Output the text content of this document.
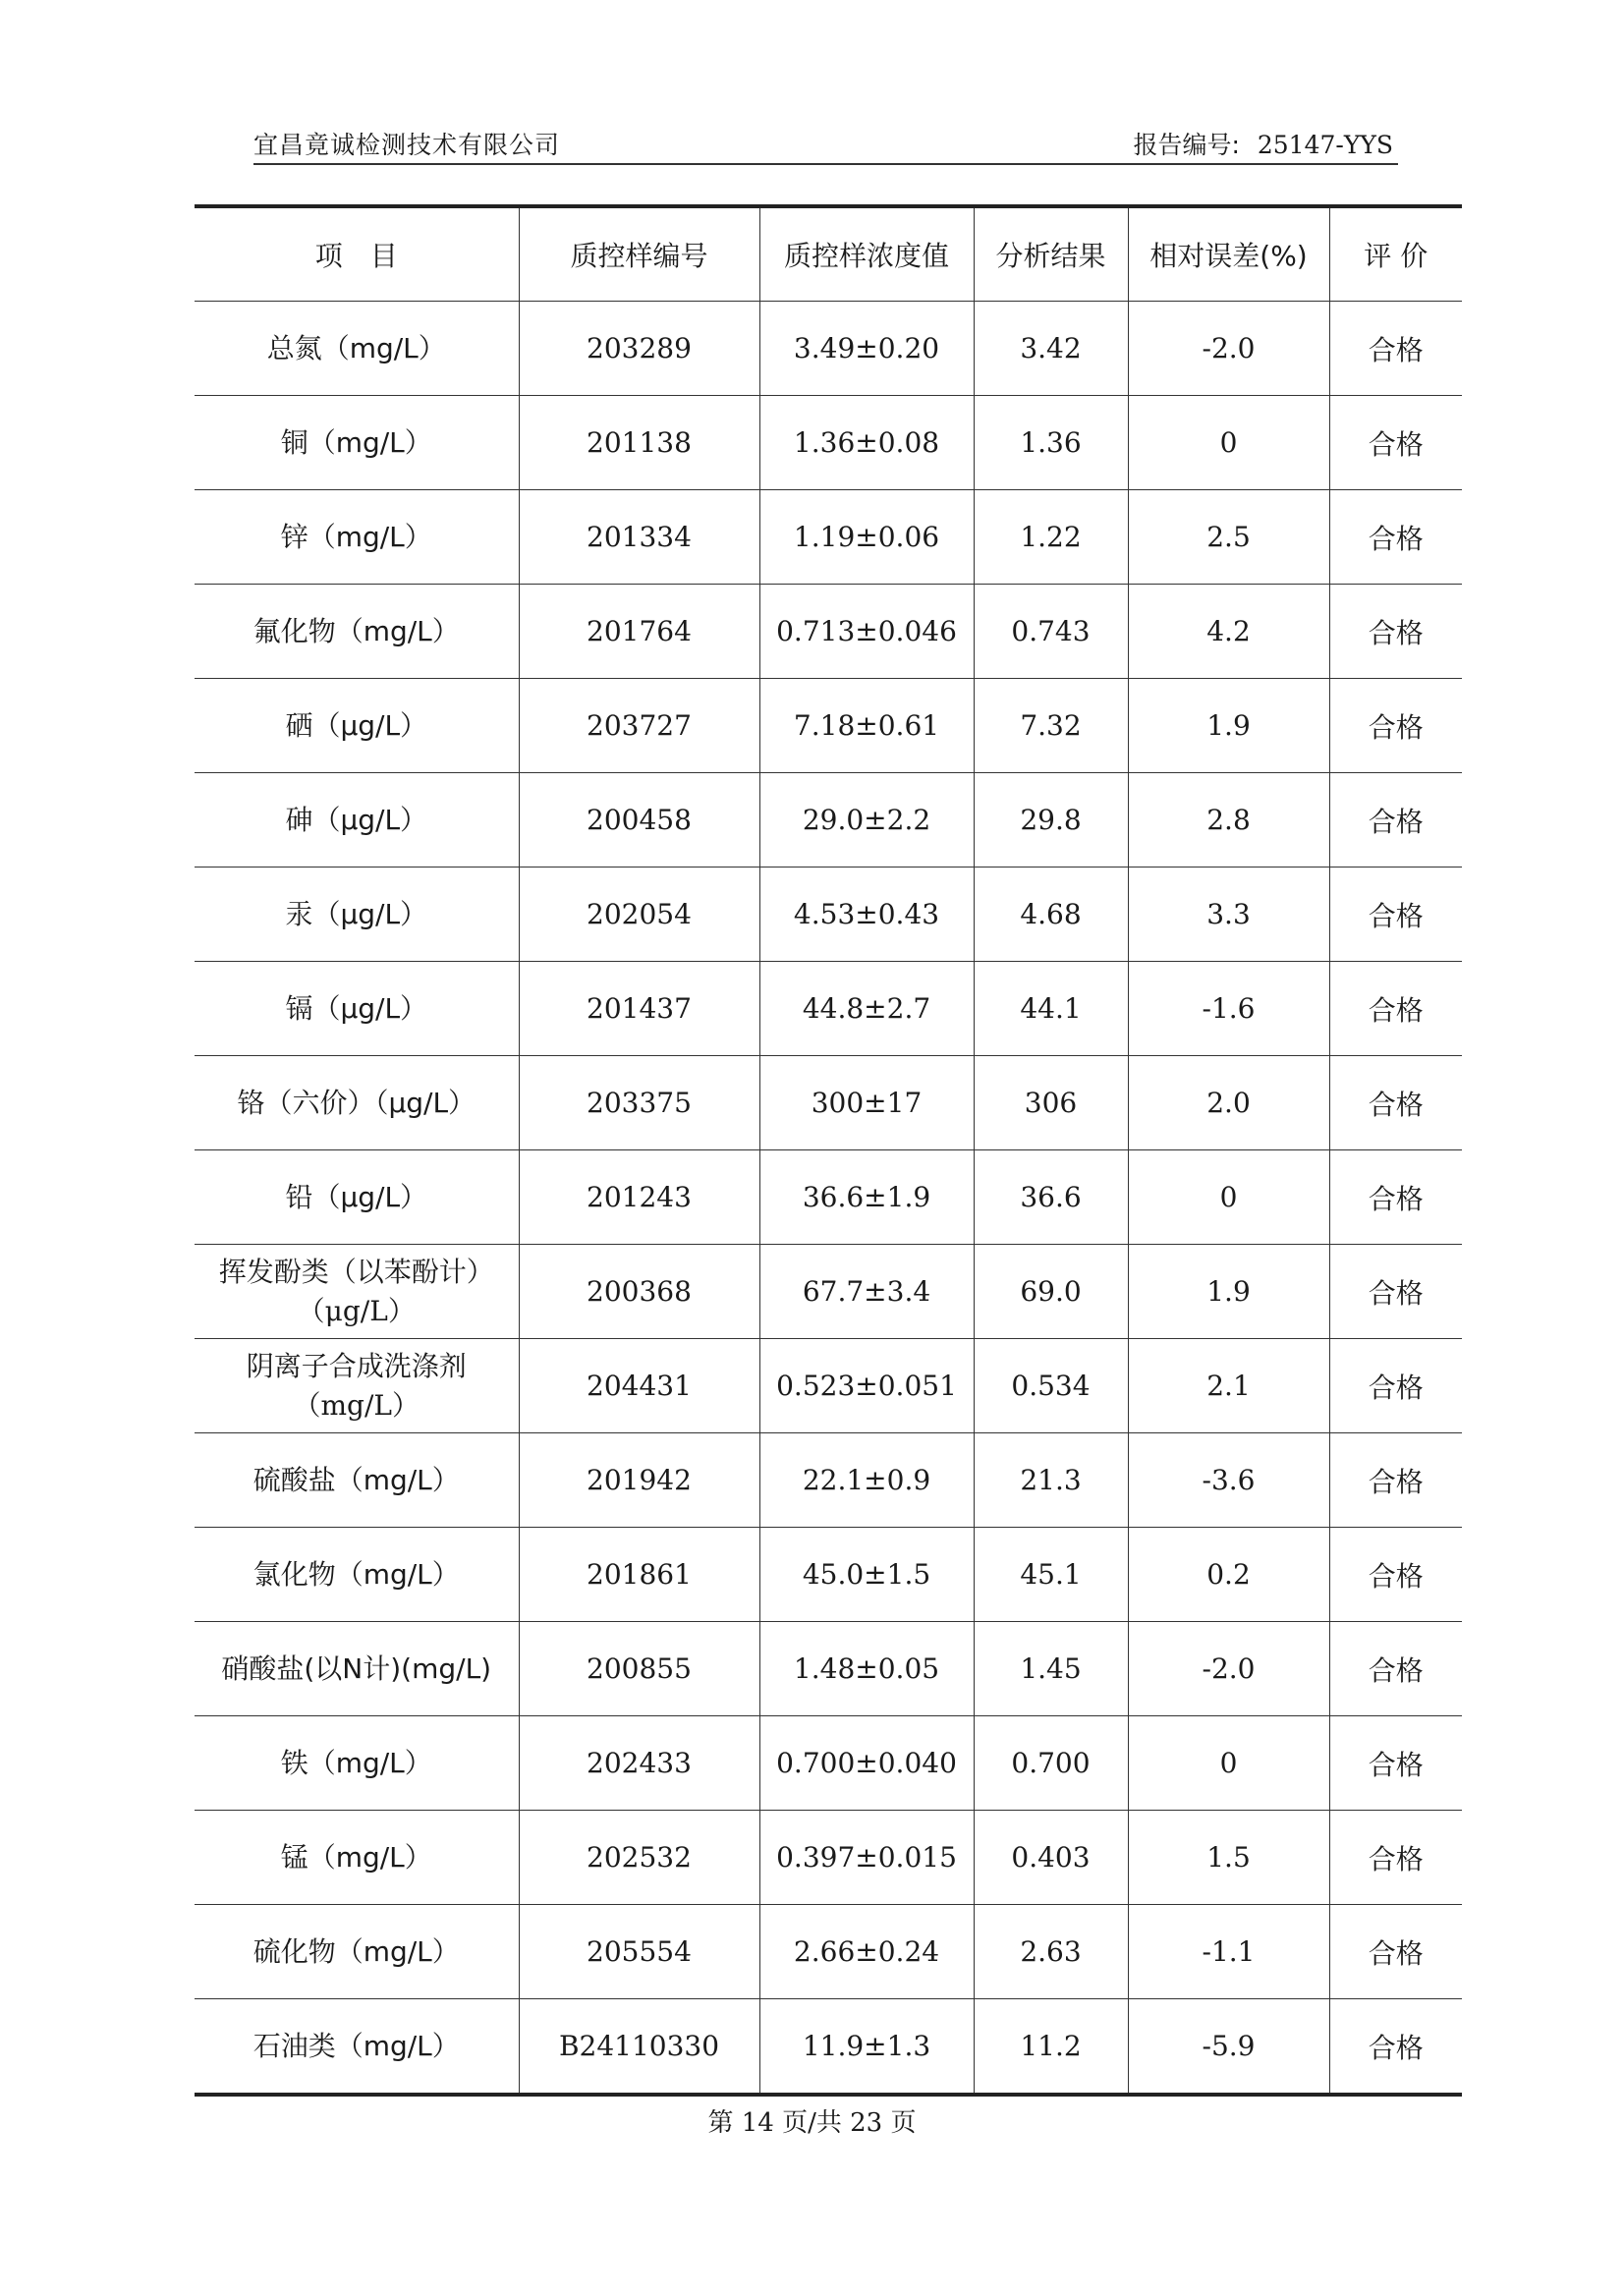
宜昌竟诚检测技术有限公司	报告编号: 25147-YYS
项　目	质控样编号	质控样浓度值	分析结果	相对误差(%)	评 价

总氮（mg/L）	203289	3.49±0.20	3.42	-2.0	合格

铜（mg/L）	201138	1.36±0.08	1.36	0	合格

锌（mg/L）	201334	1.19±0.06	1.22	2.5	合格

氟化物（mg/L）	201764	0.713±0.046	0.743	4.2	合格

硒（μg/L）	203727	7.18±0.61	7.32	1.9	合格

砷（μg/L）	200458	29.0±2.2	29.8	2.8	合格

汞（μg/L）	202054	4.53±0.43	4.68	3.3	合格

镉（μg/L）	201437	44.8±2.7	44.1	-1.6	合格

铬（六价）（μg/L）	203375	300±17	306	2.0	合格

铅（μg/L）	201243	36.6±1.9	36.6	0	合格

挥发酚类（以苯酚计）
（μg/L）	200368	67.7±3.4	69.0	1.9	合格

阴离子合成洗涤剂
（mg/L）	204431	0.523±0.051	0.534	2.1	合格

硫酸盐（mg/L）	201942	22.1±0.9	21.3	-3.6	合格

氯化物（mg/L）	201861	45.0±1.5	45.1	0.2	合格

硝酸盐(以N计)(mg/L)	200855	1.48±0.05	1.45	-2.0	合格

铁（mg/L）	202433	0.700±0.040	0.700	0	合格

锰（mg/L）	202532	0.397±0.015	0.403	1.5	合格

硫化物（mg/L）	205554	2.66±0.24	2.63	-1.1	合格

石油类（mg/L）	B24110330	11.9±1.3	11.2	-5.9	合格
第 14 页/共 23 页
